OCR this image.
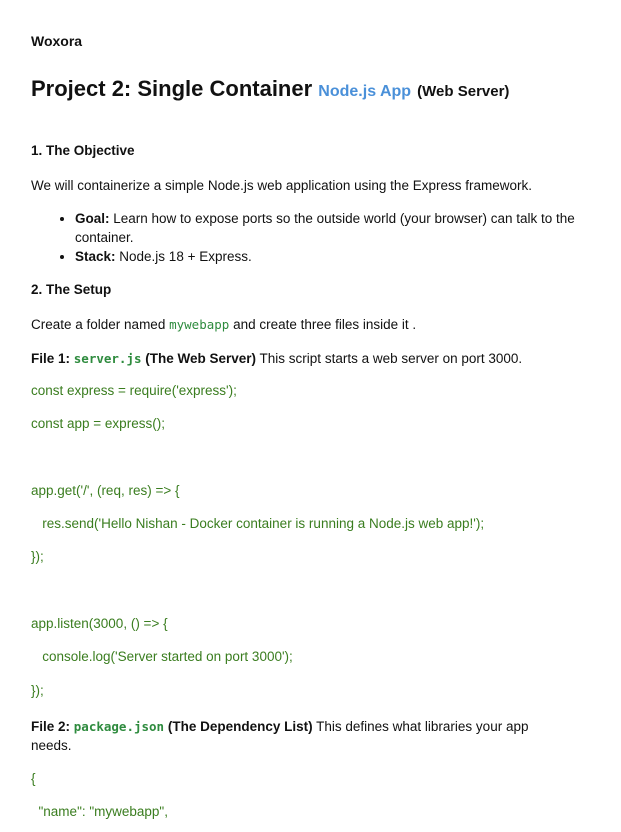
Woxora
Project 2: Single Container Node.js App (Web Server)
1. The Objective
We will containerize a simple Node.js web application using the Express framework.
• Goal: Learn how to expose ports so the outside world (your browser) can talk to the container.
• Stack: Node.js 18 + Express.
2. The Setup
Create a folder named mywebapp and create three files inside it .
File 1: server.js (The Web Server) This script starts a web server on port 3000.
const express = require('express');
const app = express();
app.get('/', (req, res) => {
res.send('Hello Nishan - Docker container is running a Node.js web app!');
});
app.listen(3000, () => {
console.log('Server started on port 3000');
});
File 2: package.json (The Dependency List) This defines what libraries your app needs.
{
"name": "mywebapp",
